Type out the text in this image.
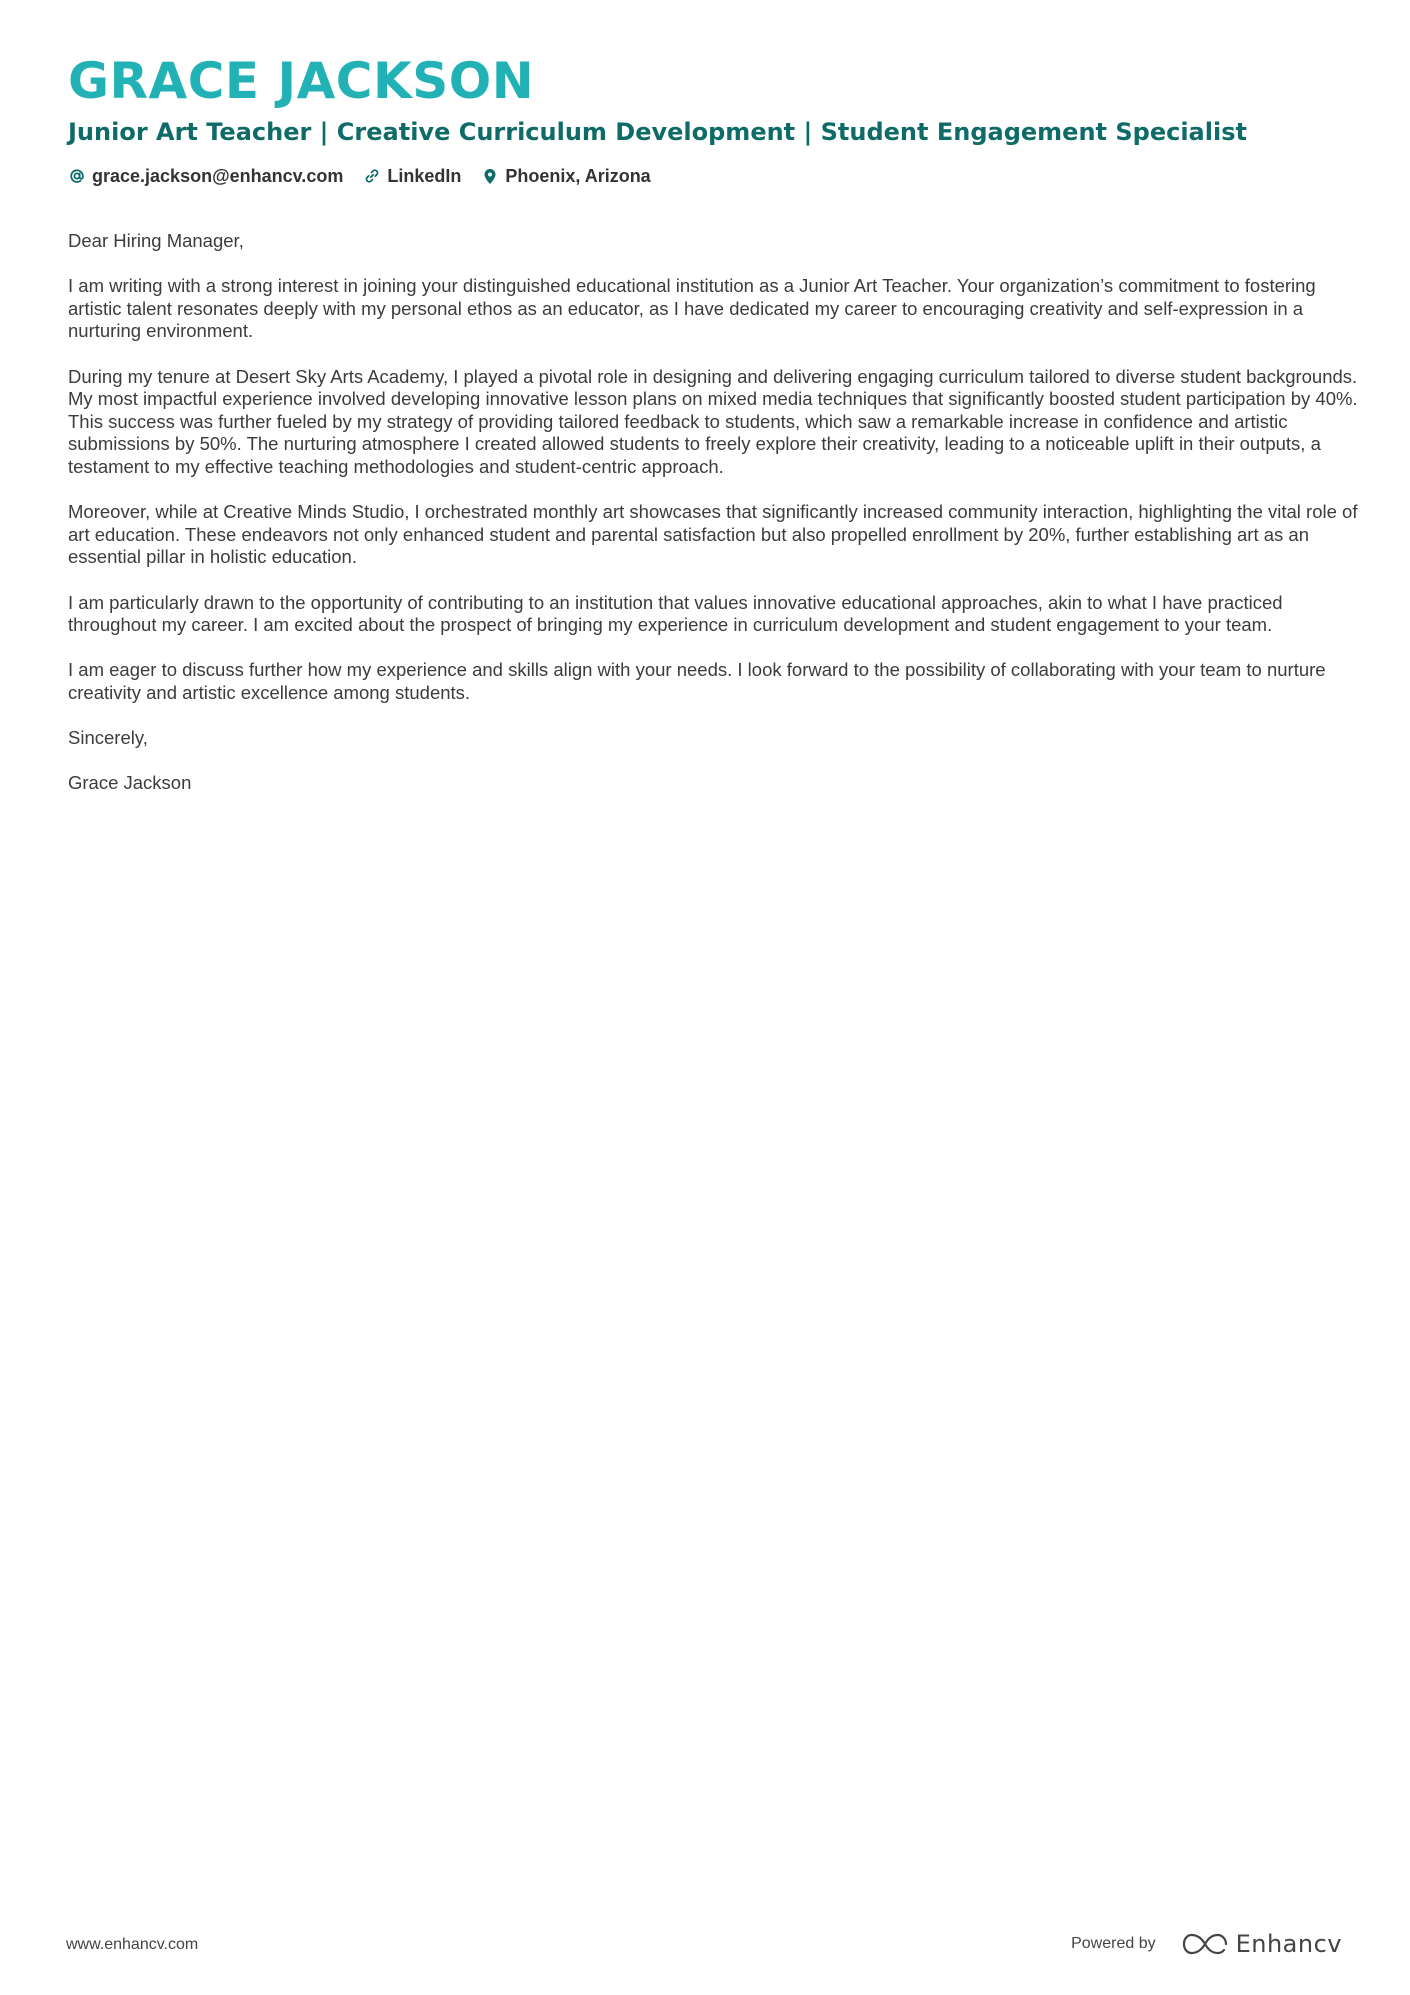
GRACE JACKSON
Junior Art Teacher | Creative Curriculum Development | Student Engagement Specialist
grace.jackson@enhancv.com LinkedIn Phoenix, Arizona

Dear Hiring Manager,

I am writing with a strong interest in joining your distinguished educational institution as a Junior Art Teacher. Your organization’s commitment to fostering artistic talent resonates deeply with my personal ethos as an educator, as I have dedicated my career to encouraging creativity and self-expression in a nurturing environment.

During my tenure at Desert Sky Arts Academy, I played a pivotal role in designing and delivering engaging curriculum tailored to diverse student backgrounds. My most impactful experience involved developing innovative lesson plans on mixed media techniques that significantly boosted student participation by 40%. This success was further fueled by my strategy of providing tailored feedback to students, which saw a remarkable increase in confidence and artistic submissions by 50%. The nurturing atmosphere I created allowed students to freely explore their creativity, leading to a noticeable uplift in their outputs, a testament to my effective teaching methodologies and student-centric approach.

Moreover, while at Creative Minds Studio, I orchestrated monthly art showcases that significantly increased community interaction, highlighting the vital role of art education. These endeavors not only enhanced student and parental satisfaction but also propelled enrollment by 20%, further establishing art as an essential pillar in holistic education.

I am particularly drawn to the opportunity of contributing to an institution that values innovative educational approaches, akin to what I have practiced throughout my career. I am excited about the prospect of bringing my experience in curriculum development and student engagement to your team.

I am eager to discuss further how my experience and skills align with your needs. I look forward to the possibility of collaborating with your team to nurture creativity and artistic excellence among students.

Sincerely,

Grace Jackson

www.enhancv.com	Powered by	Enhancv
